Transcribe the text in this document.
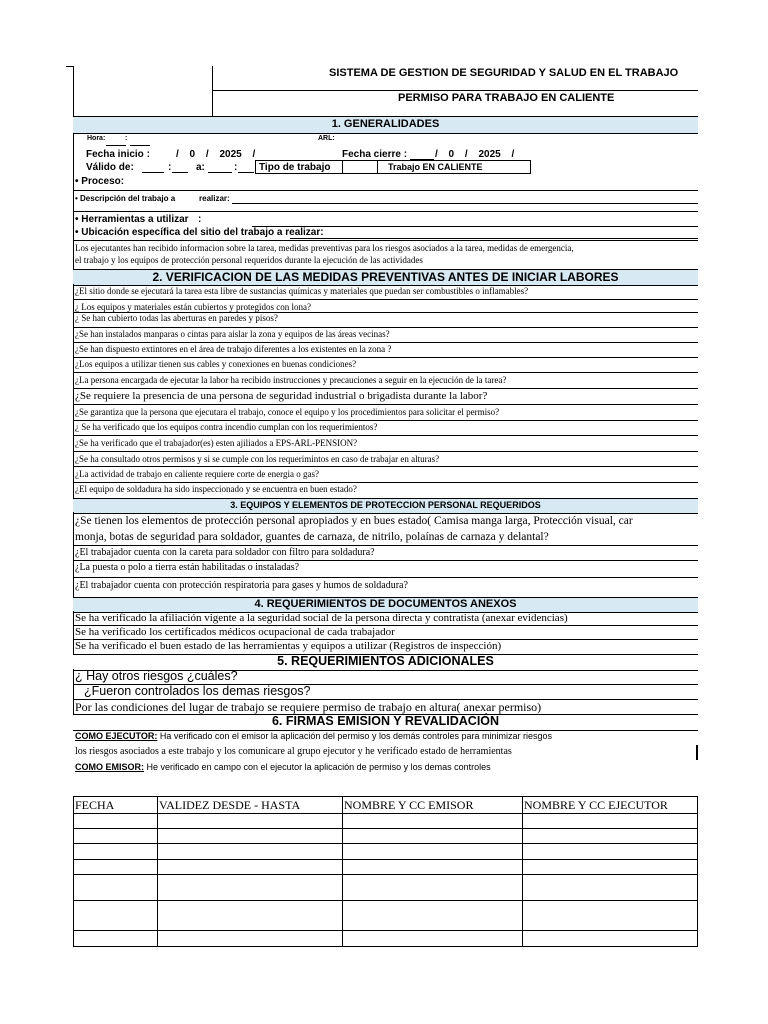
SISTEMA DE GESTION DE SEGURIDAD Y SALUD EN EL TRABAJO
PERMISO PARA TRABAJO EN CALIENTE
1. GENERALIDADES
Hora:	:	ARL:
Fecha inicio :	/ 0 / 2025 /	Fecha cierre :	/ 0 / 2025 /
Válido de:	: a:	: Tipo de trabajo	Trabajo EN CALIENTE
• Proceso:
• Descripción del trabajo a	realizar:
• Herramientas a utilizar :
• Ubicación específica del sitio del trabajo a realizar:
Los ejecutantes han recibido informacion sobre la tarea, medidas preventivas para los riesgos asociados a la tarea, medidas de emergencia,
el trabajo y los equipos de protección personal requeridos durante la ejecución de las actividades
2. VERIFICACION DE LAS MEDIDAS PREVENTIVAS ANTES DE INICIAR LABORES
¿El sitio donde se ejecutará la tarea esta libre de sustancias químicas y materiales que puedan ser combustibles o inflamables?
¿ Los equipos y materiales están cubiertos y protegidos con lona?
¿ Se han cubierto todas las aberturas en paredes y pisos?
¿Se han instalados manparas o cintas para aislar la zona y equipos de las áreas vecinas?
¿Se han dispuesto extintores en el área de trabajo diferentes a los existentes en la zona ?
¿Los equipos a utilizar tienen sus cables y conexiones en buenas condiciones?
¿La persona encargada de ejecutar la labor ha recibido instrucciones y precauciones a seguir en la ejecución de la tarea?
¿Se requiere la presencia de una persona de seguridad industrial o brigadista durante la labor?
¿Se garantiza que la persona que ejecutara el trabajo, conoce el equipo y los procedimientos para solicitar el permiso?
¿ Se ha verificado que los equipos contra incendio cumplan con los requerimientos?
¿Se ha verificado que el trabajador(es) esten ajiliados a EPS-ARL-PENSION?
¿Se ha consultado otros permisos y si se cumple con los requerimintos en caso de trabajar en alturas?
¿La actividad de trabajo en caliente requiere corte de energia o gas?
¿El equipo de soldadura ha sido inspeccionado y se encuentra en buen estado?
3. EQUIPOS Y ELEMENTOS DE PROTECCION PERSONAL REQUERIDOS
¿Se tienen los elementos de protección personal apropiados y en bues estado( Camisa manga larga, Protección visual, car
monja, botas de seguridad para soldador, guantes de carnaza, de nitrilo, polaínas de carnaza y delantal?
¿El trabajador cuenta con la careta para soldador con filtro para soldadura?
¿La puesta o polo a tierra están habilitadas o instaladas?
¿El trabajador cuenta con protección respiratoria para gases y humos de soldadura?
4. REQUERIMIENTOS DE DOCUMENTOS ANEXOS
Se ha verificado la afiliación vigente a la seguridad social de la persona directa y contratista (anexar evidencias)
Se ha verificado los certificados médicos ocupacional de cada trabajador
Se ha verificado el buen estado de las herramientas y equipos a utilizar (Registros de inspección)
5. REQUERIMIENTOS ADICIONALES
¿ Hay otros riesgos ¿cuáles?
¿Fueron controlados los demas riesgos?
Por las condiciones del lugar de trabajo se requiere permiso de trabajo en altura( anexar permiso)
6. FIRMAS EMISION Y REVALIDACIÓN
COMO EJECUTOR: Ha verificado con el emisor la aplicación del permiso y los demás controles para minimizar riesgos
los riesgos asociados a este trabajo y los comunicare al grupo ejecutor y he verificado estado de herramientas
COMO EMISOR: He verificado en campo con el ejecutor la aplicación de permiso y los demas controles
FECHA	VALIDEZ DESDE - HASTA	NOMBRE Y CC EMISOR	NOMBRE Y CC EJECUTOR
